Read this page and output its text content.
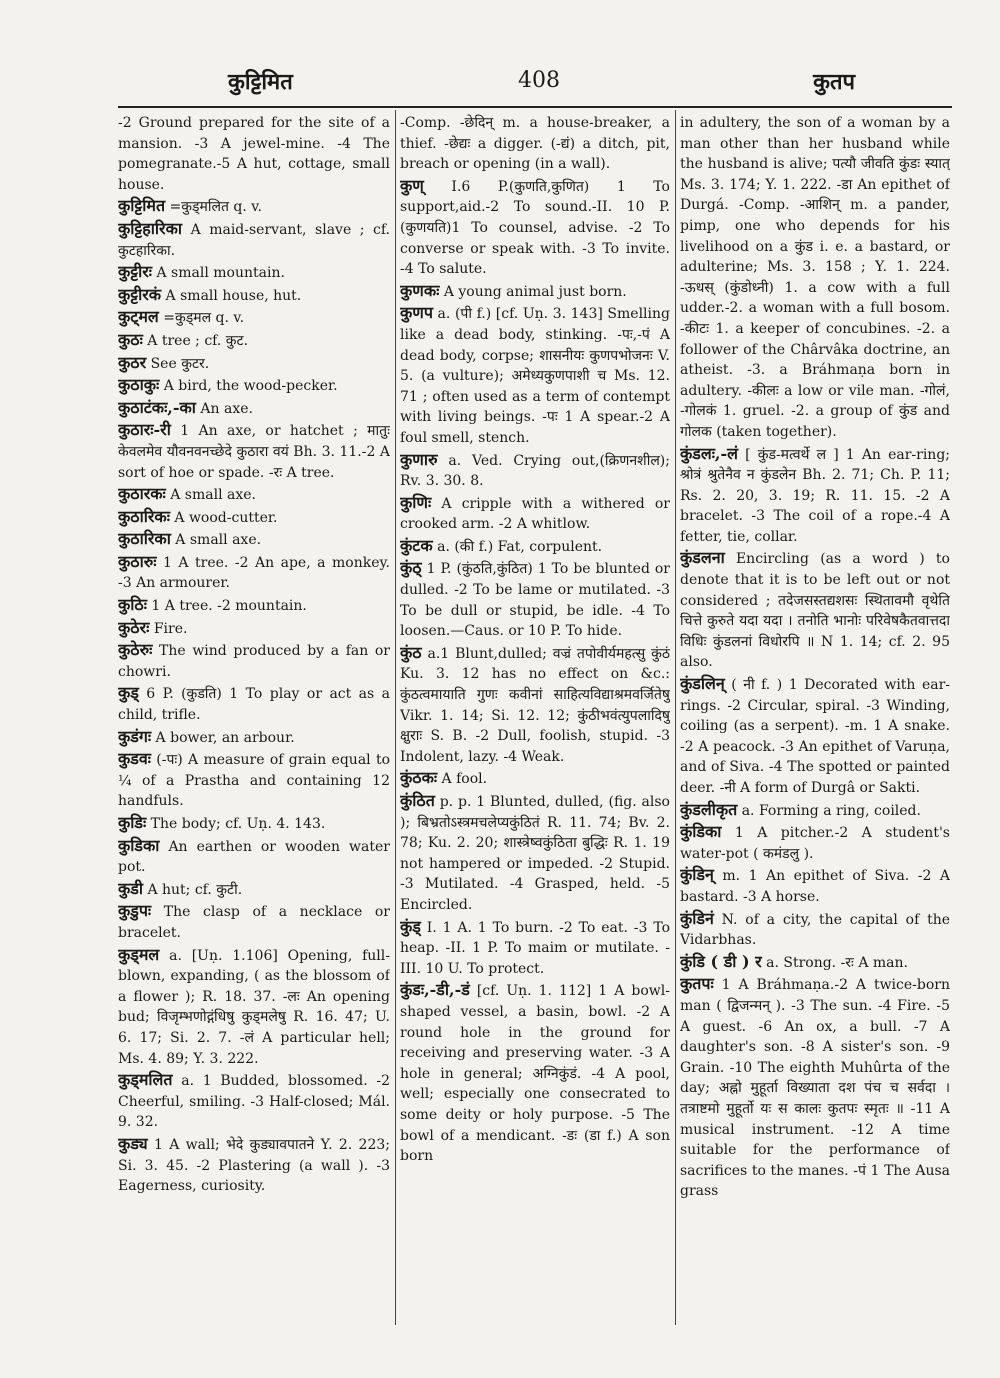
कुट्टिमित	408	कुतप
-2 Ground prepared for the site of a mansion. -3 A jewel-mine. -4 The pomegranate.-5 A hut, cottage, small house.
कुट्टिमित =कुड्मलित q. v.
कुट्टिहारिका A maid-servant, slave ; cf. कुटहारिका.
कुट्टीरः A small mountain.
कुट्टीरकं A small house, hut.
कुट्मल =कुड्मल q. v.
कुठः A tree ; cf. कुट.
कुठर See कुटर.
कुठाकुः A bird, the wood-pecker.
कुठाटंकः,-का An axe.
कुठारः-री 1 An axe, or hatchet ; मातुः केवलमेव यौवनवनच्छेदे कुठारा वयं Bh. 3. 11.-2 A sort of hoe or spade. -रः A tree.
कुठारकः A small axe.
कुठारिकः A wood-cutter.
कुठारिका A small axe.
कुठारुः 1 A tree. -2 An ape, a monkey. -3 An armourer.
कुठिः 1 A tree. -2 mountain.
कुठेरः Fire.
कुठेरुः The wind produced by a fan or chowri.
कुड् 6 P. (कुडति) 1 To play or act as a child, trifle.
कुडंगः A bower, an arbour.
कुडवः (-पः) A measure of grain equal to ¼ of a Prastha and containing 12 handfuls.
कुडिः The body; cf. Uṇ. 4. 143.
कुडिका An earthen or wooden water pot.
कुडी A hut; cf. कुटी.
कुडुपः The clasp of a necklace or bracelet.
कुड्मल a. [Uṇ. 1.106] Opening, full-blown, expanding, ( as the blossom of a flower ); R. 18. 37. -लः An opening bud; विजृम्भणोद्गंधिषु कुड्मलेषु R. 16. 47; U. 6. 17; Si. 2. 7. -लं A particular hell; Ms. 4. 89; Y. 3. 222.
कुड्मलित a. 1 Budded, blossomed. -2 Cheerful, smiling. -3 Half-closed; Mál. 9. 32.
कुड्य 1 A wall; भेदे कुड्यावपातने Y. 2. 223; Si. 3. 45. -2 Plastering (a wall ). -3 Eagerness, curiosity.
-Comp. -छेदिन् m. a house-breaker, a thief. -छेद्यः a digger. (-द्यं) a ditch, pit, breach or opening (in a wall).
कुण् I.6 P.(कुणति,कुणित) 1 To support,aid.-2 To sound.-II. 10 P.(कुणयति)1 To counsel, advise. -2 To converse or speak with. -3 To invite. -4 To salute.
कुणकः A young animal just born.
कुणप a. (पी f.) [cf. Uṇ. 3. 143] Smelling like a dead body, stinking. -पः,-पं A dead body, corpse; शासनीयः कुणपभोजनः V. 5. (a vulture); अमेध्यकुणपाशी च Ms. 12. 71 ; often used as a term of contempt with living beings. -पः 1 A spear.-2 A foul smell, stench.
कुणारु a. Ved. Crying out,(क्रिणनशील); Rv. 3. 30. 8.
कुणिः A cripple with a withered or crooked arm. -2 A whitlow.
कुंटक a. (की f.) Fat, corpulent.
कुंठ् 1 P. (कुंठति,कुंठित) 1 To be blunted or dulled. -2 To be lame or mutilated. -3 To be dull or stupid, be idle. -4 To loosen.—Caus. or 10 P. To hide.
कुंठ a.1 Blunt,dulled; वज्रं तपोवीर्यमहत्सु कुंठं Ku. 3. 12 has no effect on &c.: कुंठत्वमायाति गुणः कवीनां साहित्यविद्याश्रमवर्जितेषु Vikr. 1. 14; Si. 12. 12; कुंठीभवंत्युपलादिषु क्षुराः S. B. -2 Dull, foolish, stupid. -3 Indolent, lazy. -4 Weak.
कुंठकः A fool.
कुंठित p. p. 1 Blunted, dulled, (fig. also ); बिभ्रतोऽस्त्रमचलेप्यकुंठितं R. 11. 74; Bv. 2. 78; Ku. 2. 20; शास्त्रेष्वकुंठिता बुद्धिः R. 1. 19 not hampered or impeded. -2 Stupid. -3 Mutilated. -4 Grasped, held. -5 Encircled.
कुंड् I. 1 A. 1 To burn. -2 To eat. -3 To heap. -II. 1 P. To maim or mutilate. -III. 10 U. To protect.
कुंडः,-डी,-डं [cf. Uṇ. 1. 112] 1 A bowl-shaped vessel, a basin, bowl. -2 A round hole in the ground for receiving and preserving water. -3 A hole in general; अग्निकुंडं. -4 A pool, well; especially one consecrated to some deity or holy purpose. -5 The bowl of a mendicant. -डः (डा f.) A son born
in adultery, the son of a woman by a man other than her husband while the husband is alive; पत्यौ जीवति कुंडः स्यात् Ms. 3. 174; Y. 1. 222. -डा An epithet of Durgá. -Comp. -आशिन् m. a pander, pimp, one who depends for his livelihood on a कुंड i. e. a bastard, or adulterine; Ms. 3. 158 ; Y. 1. 224. -ऊधस् (कुंडोध्नी) 1. a cow with a full udder.-2. a woman with a full bosom. -कीटः 1. a keeper of concubines. -2. a follower of the Chârvâka doctrine, an atheist. -3. a Bráhmaṇa born in adultery. -कीलः a low or vile man. -गोलं, -गोलकं 1. gruel. -2. a group of कुंड and गोलक (taken together).
कुंडलः,-लं [ कुंड-मत्वर्थे ल ] 1 An ear-ring; श्रोत्रं श्रुतेनैव न कुंडलेन Bh. 2. 71; Ch. P. 11; Rs. 2. 20, 3. 19; R. 11. 15. -2 A bracelet. -3 The coil of a rope.-4 A fetter, tie, collar.
कुंडलना Encircling (as a word ) to denote that it is to be left out or not considered ; तदेजसस्तद्यशसः स्थितावमौ वृथेति चित्ते कुरुते यदा यदा । तनोति भानोः परिवेषकैतवात्तदा विधिः कुंडलनां विधोरपि ॥ N 1. 14; cf. 2. 95 also.
कुंडलिन् ( नी f. ) 1 Decorated with ear-rings. -2 Circular, spiral. -3 Winding, coiling (as a serpent). -m. 1 A snake. -2 A peacock. -3 An epithet of Varuṇa, and of Siva. -4 The spotted or painted deer. -नी A form of Durgâ or Sakti.
कुंडलीकृत a. Forming a ring, coiled.
कुंडिका 1 A pitcher.-2 A student's water-pot ( कमंडलु ).
कुंडिन् m. 1 An epithet of Siva. -2 A bastard. -3 A horse.
कुंडिनं N. of a city, the capital of the Vidarbhas.
कुंडि ( डी ) र a. Strong. -रः A man.
कुतपः 1 A Bráhmaṇa.-2 A twice-born man ( द्विजन्मन् ). -3 The sun. -4 Fire. -5 A guest. -6 An ox, a bull. -7 A daughter's son. -8 A sister's son. -9 Grain. -10 The eighth Muhûrta of the day; अह्नो मुहूर्ता विख्याता दश पंच च सर्वदा । तत्राष्टमो मुहूर्तो यः स कालः कुतपः स्मृतः ॥ -11 A musical instrument. -12 A time suitable for the performance of sacrifices to the manes. -पं 1 The Ausa grass
